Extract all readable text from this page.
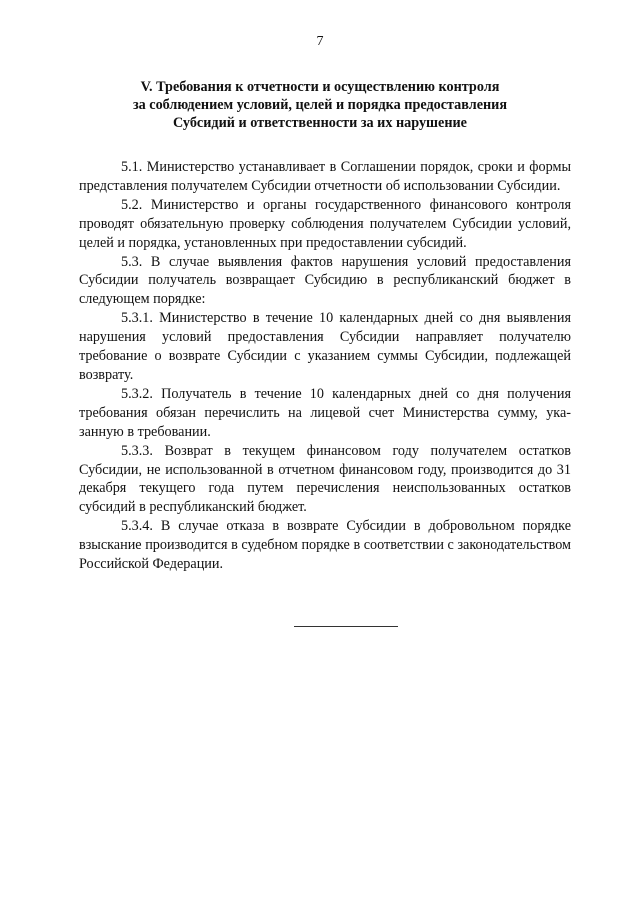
7
V. Требования к отчетности и осуществлению контроля
за соблюдением условий, целей и порядка предоставления
Субсидий и ответственности за их нарушение

5.1. Министерство устанавливает в Соглашении порядок, сроки и формы представления получателем Субсидии отчетности об использовании Субсидии.

5.2. Министерство и органы государственного финансового контроля проводят обязательную проверку соблюдения получателем Субсидии условий, целей и порядка, установленных при предоставлении субсидий.

5.3. В случае выявления фактов нарушения условий предоставления Субсидии получатель возвращает Субсидию в республиканский бюджет в следующем порядке:

5.3.1. Министерство в течение 10 календарных дней со дня выявления нарушения условий предоставления Субсидии направляет получателю требование о возврате Субсидии с указанием суммы Субсидии, подлежащей возврату.

5.3.2. Получатель в течение 10 календарных дней со дня получения требования обязан перечислить на лицевой счет Министерства сумму, указанную в требовании.

5.3.3. Возврат в текущем финансовом году получателем остатков Субсидии, не использованной в отчетном финансовом году, производится до 31 декабря текущего года путем перечисления неиспользованных остатков субсидий в республиканский бюджет.

5.3.4. В случае отказа в возврате Субсидии в добровольном порядке взыскание производится в судебном порядке в соответствии с законодательством Российской Федерации.
